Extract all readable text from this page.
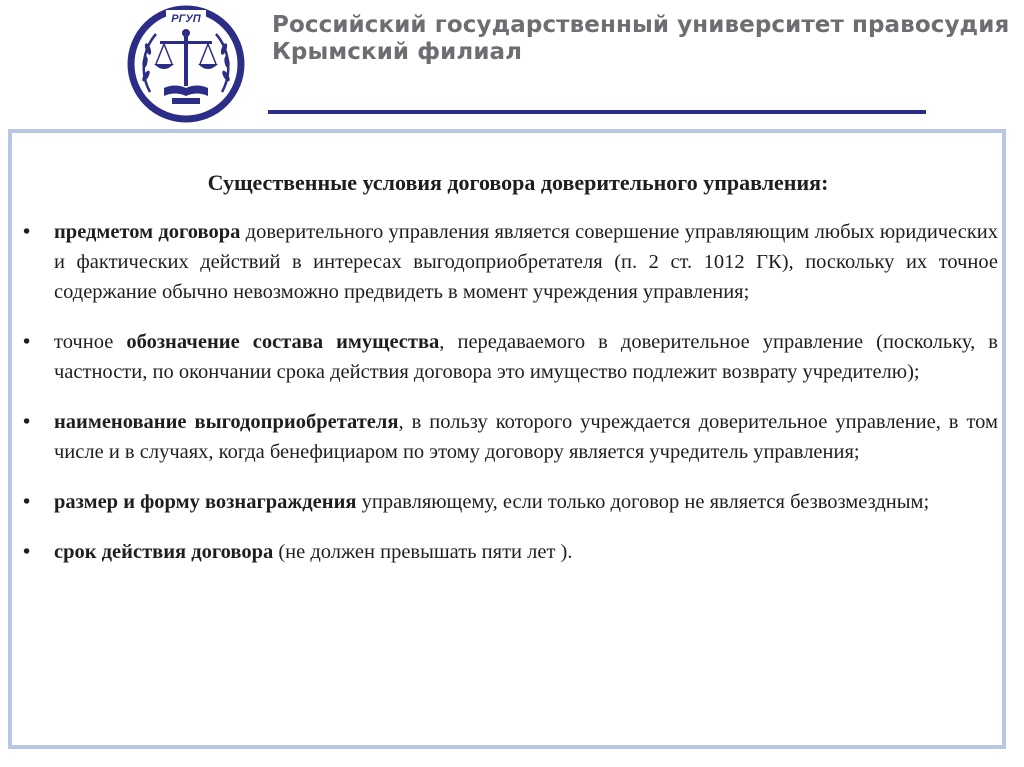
РГУП	Российский государственный университет правосудия
Крымский филиал
Существенные условия договора доверительного управления:
• предметом договора доверительного управления является совершение управляющим любых юридических и фактических действий в интересах выгодоприобретателя (п. 2 ст. 1012 ГК), поскольку их точное содержание обычно невозможно предвидеть в момент учреждения управления;
• точное обозначение состава имущества, передаваемого в доверительное управление (поскольку, в частности, по окончании срока действия договора это имущество подлежит возврату учредителю);
• наименование выгодоприобретателя, в пользу которого учреждается доверительное управление, в том числе и в случаях, когда бенефициаром по этому договору является учредитель управления;
• размер и форму вознаграждения управляющему, если только договор не является безвозмездным;
• срок действия договора (не должен превышать пяти лет ).
